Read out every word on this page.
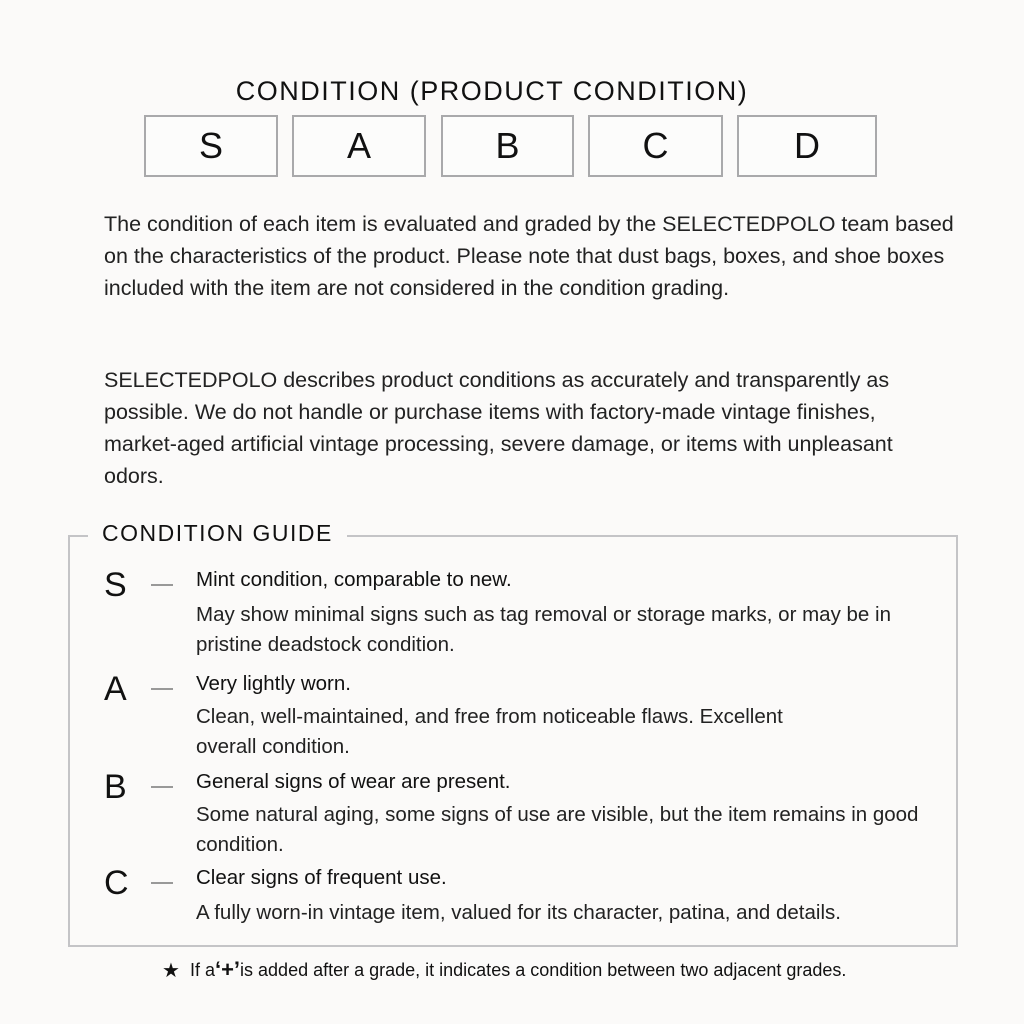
CONDITION (PRODUCT CONDITION)
S	A	B	C	D

The condition of each item is evaluated and graded by the SELECTEDPOLO team based on the characteristics of the product. Please note that dust bags, boxes, and shoe boxes included with the item are not considered in the condition grading.

SELECTEDPOLO describes product conditions as accurately and transparently as possible. We do not handle or purchase items with factory-made vintage finishes, market-aged artificial vintage processing, severe damage, or items with unpleasant odors.

CONDITION GUIDE
S	Mint condition, comparable to new.
May show minimal signs such as tag removal or storage marks, or may be in pristine deadstock condition.
A	Very lightly worn.
Clean, well-maintained, and free from noticeable flaws. Excellent overall condition.
B	General signs of wear are present.
Some natural aging, some signs of use are visible, but the item remains in good condition.
C	Clear signs of frequent use.
A fully worn-in vintage item, valued for its character, patina, and details.
★ If a ‘+’ is added after a grade, it indicates a condition between two adjacent grades.
